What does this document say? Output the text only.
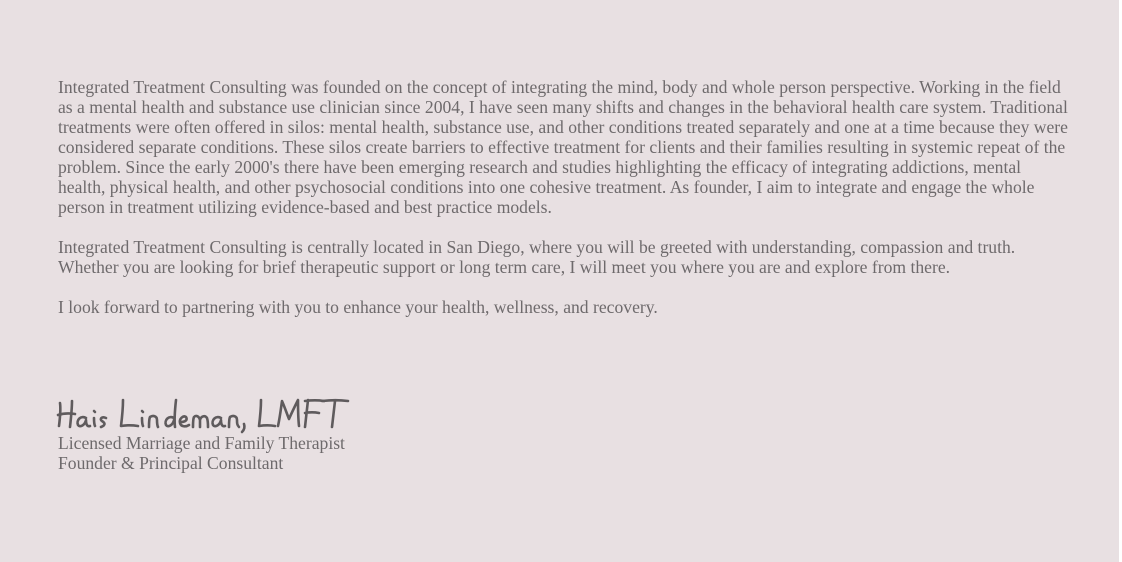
Integrated Treatment Consulting was founded on the concept of integrating the mind, body and whole person perspective. Working in the field as a mental health and substance use clinician since 2004, I have seen many shifts and changes in the behavioral health care system. Traditional treatments were often offered in silos: mental health, substance use, and other conditions treated separately and one at a time because they were considered separate conditions. These silos create barriers to effective treatment for clients and their families resulting in systemic repeat of the problem. Since the early 2000's there have been emerging research and studies highlighting the efficacy of integrating addictions, mental health, physical health, and other psychosocial conditions into one cohesive treatment. As founder, I aim to integrate and engage the whole person in treatment utilizing evidence-based and best practice models.

Integrated Treatment Consulting is centrally located in San Diego, where you will be greeted with understanding, compassion and truth. Whether you are looking for brief therapeutic support or long term care, I will meet you where you are and explore from there.

I look forward to partnering with you to enhance your health, wellness, and recovery.

Licensed Marriage and Family Therapist
Founder & Principal Consultant
